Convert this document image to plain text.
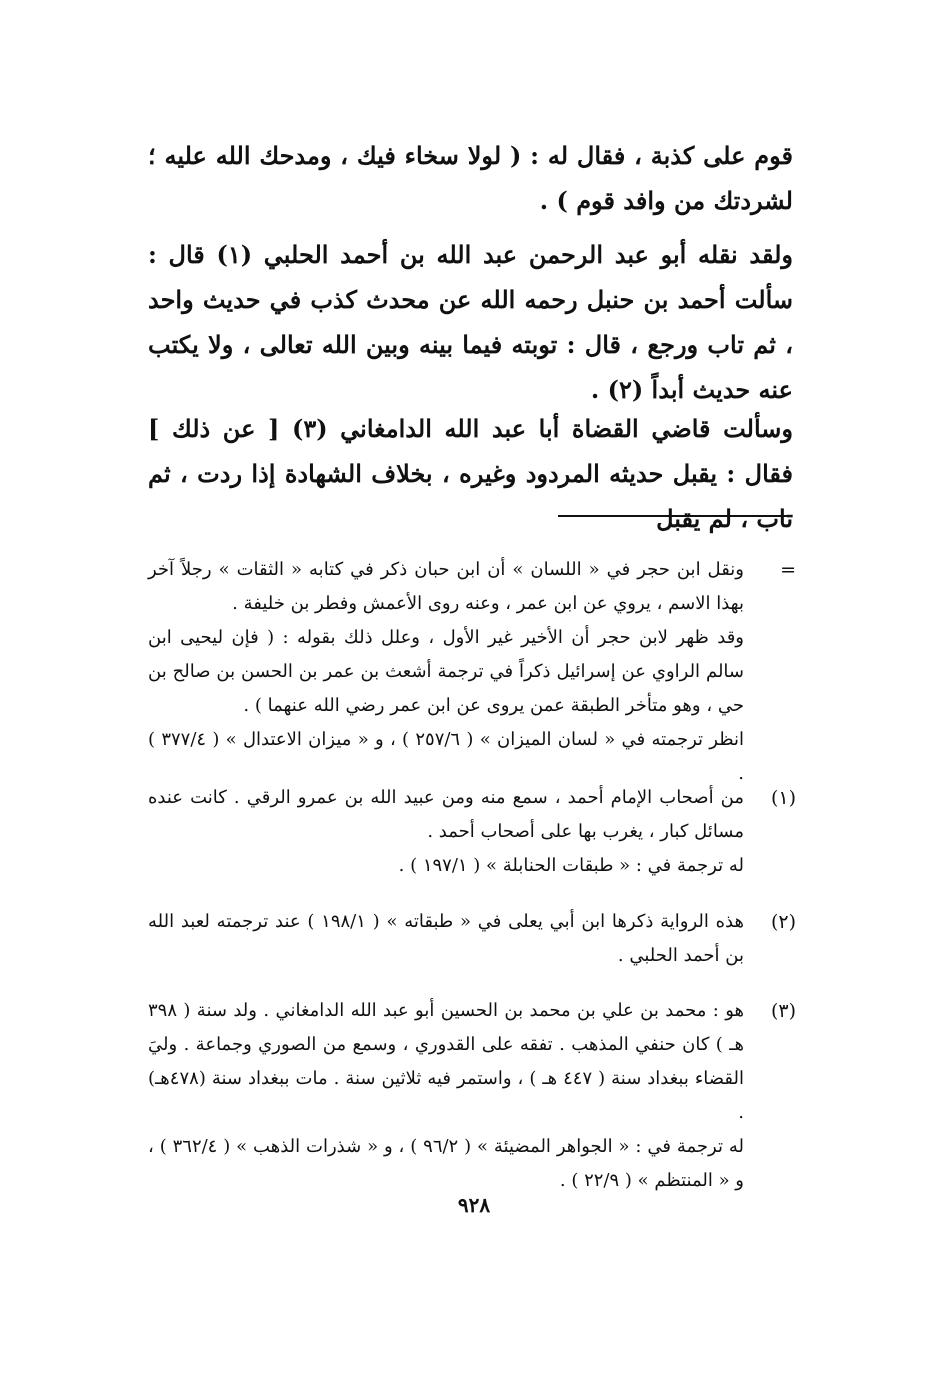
قوم على كذبة ، فقال له : ( لولا سخاء فيك ، ومدحك الله عليه ؛ لشردتك من وافد قوم ) .

ولقد نقله أبو عبد الرحمن عبد الله بن أحمد الحلبي (١) قال : سألت أحمد بن حنبل رحمه الله عن محدث كذب في حديث واحد ، ثم تاب ورجع ، قال : توبته فيما بينه وبين الله تعالى ، ولا يكتب عنه حديث أبداً (٢) .

وسألت قاضي القضاة أبا عبد الله الدامغاني (٣) [ عن ذلك ] فقال : يقبل حديثه المردود وغيره ، بخلاف الشهادة إذا ردت ، ثم تاب ، لم يقبل

=
ونقل ابن حجر في « اللسان » أن ابن حبان ذكر في كتابه « الثقات » رجلاً آخر بهذا الاسم ، يروي عن ابن عمر ، وعنه روى الأعمش وفطر بن خليفة .
وقد ظهر لابن حجر أن الأخير غير الأول ، وعلل ذلك بقوله : ( فإن ليحيى ابن سالم الراوي عن إسرائيل ذكراً في ترجمة أشعث بن عمر بن الحسن بن صالح بن حي ، وهو متأخر الطبقة عمن يروى عن ابن عمر رضي الله عنهما ) .
انظر ترجمته في « لسان الميزان » ( ٢٥٧/٦ ) ، و « ميزان الاعتدال » ( ٣٧٧/٤ ) .
(١)
من أصحاب الإمام أحمد ، سمع منه ومن عبيد الله بن عمرو الرقي . كانت عنده مسائل كبار ، يغرب بها على أصحاب أحمد .
له ترجمة في : « طبقات الحنابلة » ( ١٩٧/١ ) .
(٢)
هذه الرواية ذكرها ابن أبي يعلى في « طبقاته » ( ١٩٨/١ ) عند ترجمته لعبد الله بن أحمد الحلبي .
(٣)
هو : محمد بن علي بن محمد بن الحسين أبو عبد الله الدامغاني . ولد سنة ( ٣٩٨ هـ ) كان حنفي المذهب . تفقه على القدوري ، وسمع من الصوري وجماعة . وليَ القضاء ببغداد سنة ( ٤٤٧ هـ ) ، واستمر فيه ثلاثين سنة . مات ببغداد سنة (٤٧٨هـ) .
له ترجمة في : « الجواهر المضيئة » ( ٩٦/٢ ) ، و « شذرات الذهب » ( ٣٦٢/٤ ) ، و « المنتظم » ( ٢٢/٩ ) .
٩٢٨
